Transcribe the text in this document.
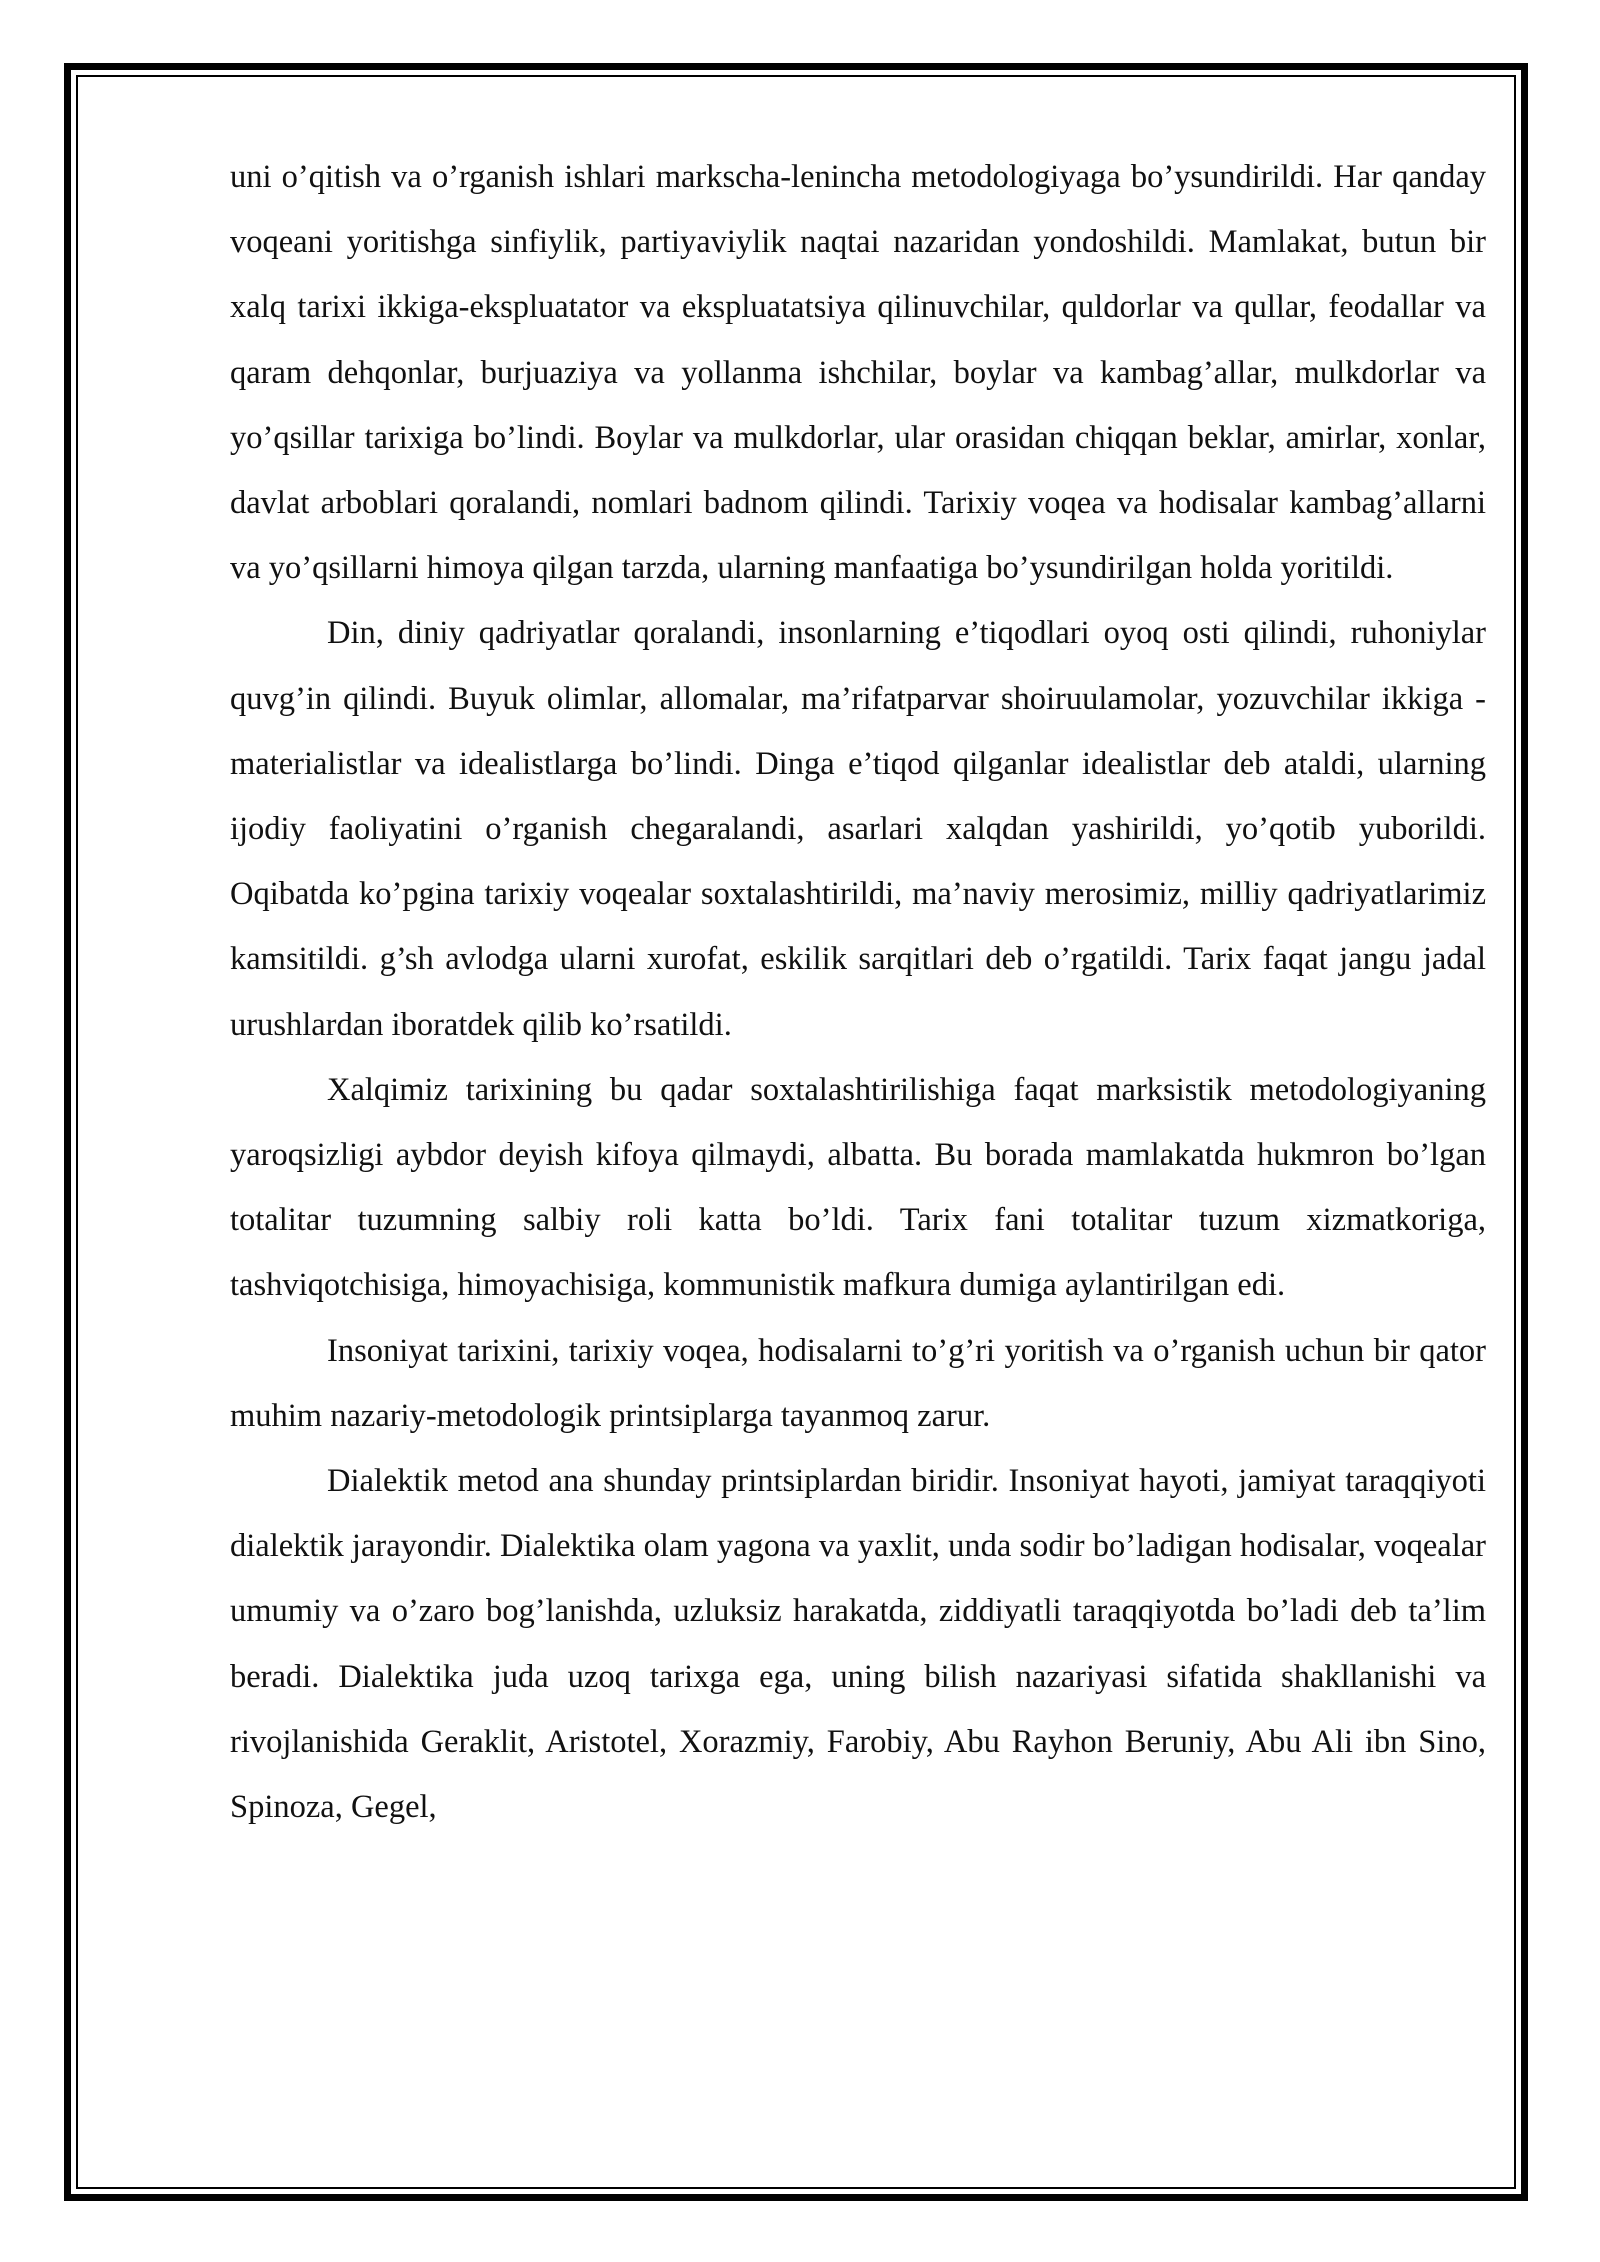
uni o’qitish va o’rganish ishlari markscha-lenincha metodologiyaga bo’ysundirildi. Har qanday voqeani yoritishga sinfiylik, partiyaviylik naqtai nazaridan yondoshildi. Mamlakat, butun bir xalq tarixi ikkiga-ekspluatator va ekspluatatsiya qilinuvchilar, quldorlar va qullar, feodallar va qaram dehqonlar, burjuaziya va yollanma ishchilar, boylar va kambag’allar, mulkdorlar va yo’qsillar tarixiga bo’lindi. Boylar va mulkdorlar, ular orasidan chiqqan beklar, amirlar, xonlar, davlat arboblari qoralandi, nomlari badnom qilindi. Tarixiy voqea va hodisalar kambag’allarni va yo’qsillarni himoya qilgan tarzda, ularning manfaatiga bo’ysundirilgan holda yoritildi.

Din, diniy qadriyatlar qoralandi, insonlarning e’tiqodlari oyoq osti qilindi, ruhoniylar quvg’in qilindi. Buyuk olimlar, allomalar, ma’rifatparvar shoiruulamolar, yozuvchilar ikkiga - materialistlar va idealistlarga bo’lindi. Dinga e’tiqod qilganlar idealistlar deb ataldi, ularning ijodiy faoliyatini o’rganish chegaralandi, asarlari xalqdan yashirildi, yo’qotib yuborildi. Oqibatda ko’pgina tarixiy voqealar soxtalashtirildi, ma’naviy merosimiz, milliy qadriyatlarimiz kamsitildi. g’sh avlodga ularni xurofat, eskilik sarqitlari deb o’rgatildi. Tarix faqat jangu jadal urushlardan iboratdek qilib ko’rsatildi.

Xalqimiz tarixining bu qadar soxtalashtirilishiga faqat marksistik metodologiyaning yaroqsizligi aybdor deyish kifoya qilmaydi, albatta. Bu borada mamlakatda hukmron bo’lgan totalitar tuzumning salbiy roli katta bo’ldi. Tarix fani totalitar tuzum xizmatkoriga, tashviqotchisiga, himoyachisiga, kommunistik mafkura dumiga aylantirilgan edi.

Insoniyat tarixini, tarixiy voqea, hodisalarni to’g’ri yoritish va o’rganish uchun bir qator muhim nazariy-metodologik printsiplarga tayanmoq zarur.

Dialektik metod ana shunday printsiplardan biridir. Insoniyat hayoti, jamiyat taraqqiyoti dialektik jarayondir. Dialektika olam yagona va yaxlit, unda sodir bo’ladigan hodisalar, voqealar umumiy va o’zaro bog’lanishda, uzluksiz harakatda, ziddiyatli taraqqiyotda bo’ladi deb ta’lim beradi. Dialektika juda uzoq tarixga ega, uning bilish nazariyasi sifatida shakllanishi va rivojlanishida Geraklit, Aristotel, Xorazmiy, Farobiy, Abu Rayhon Beruniy, Abu Ali ibn Sino, Spinoza, Gegel,
